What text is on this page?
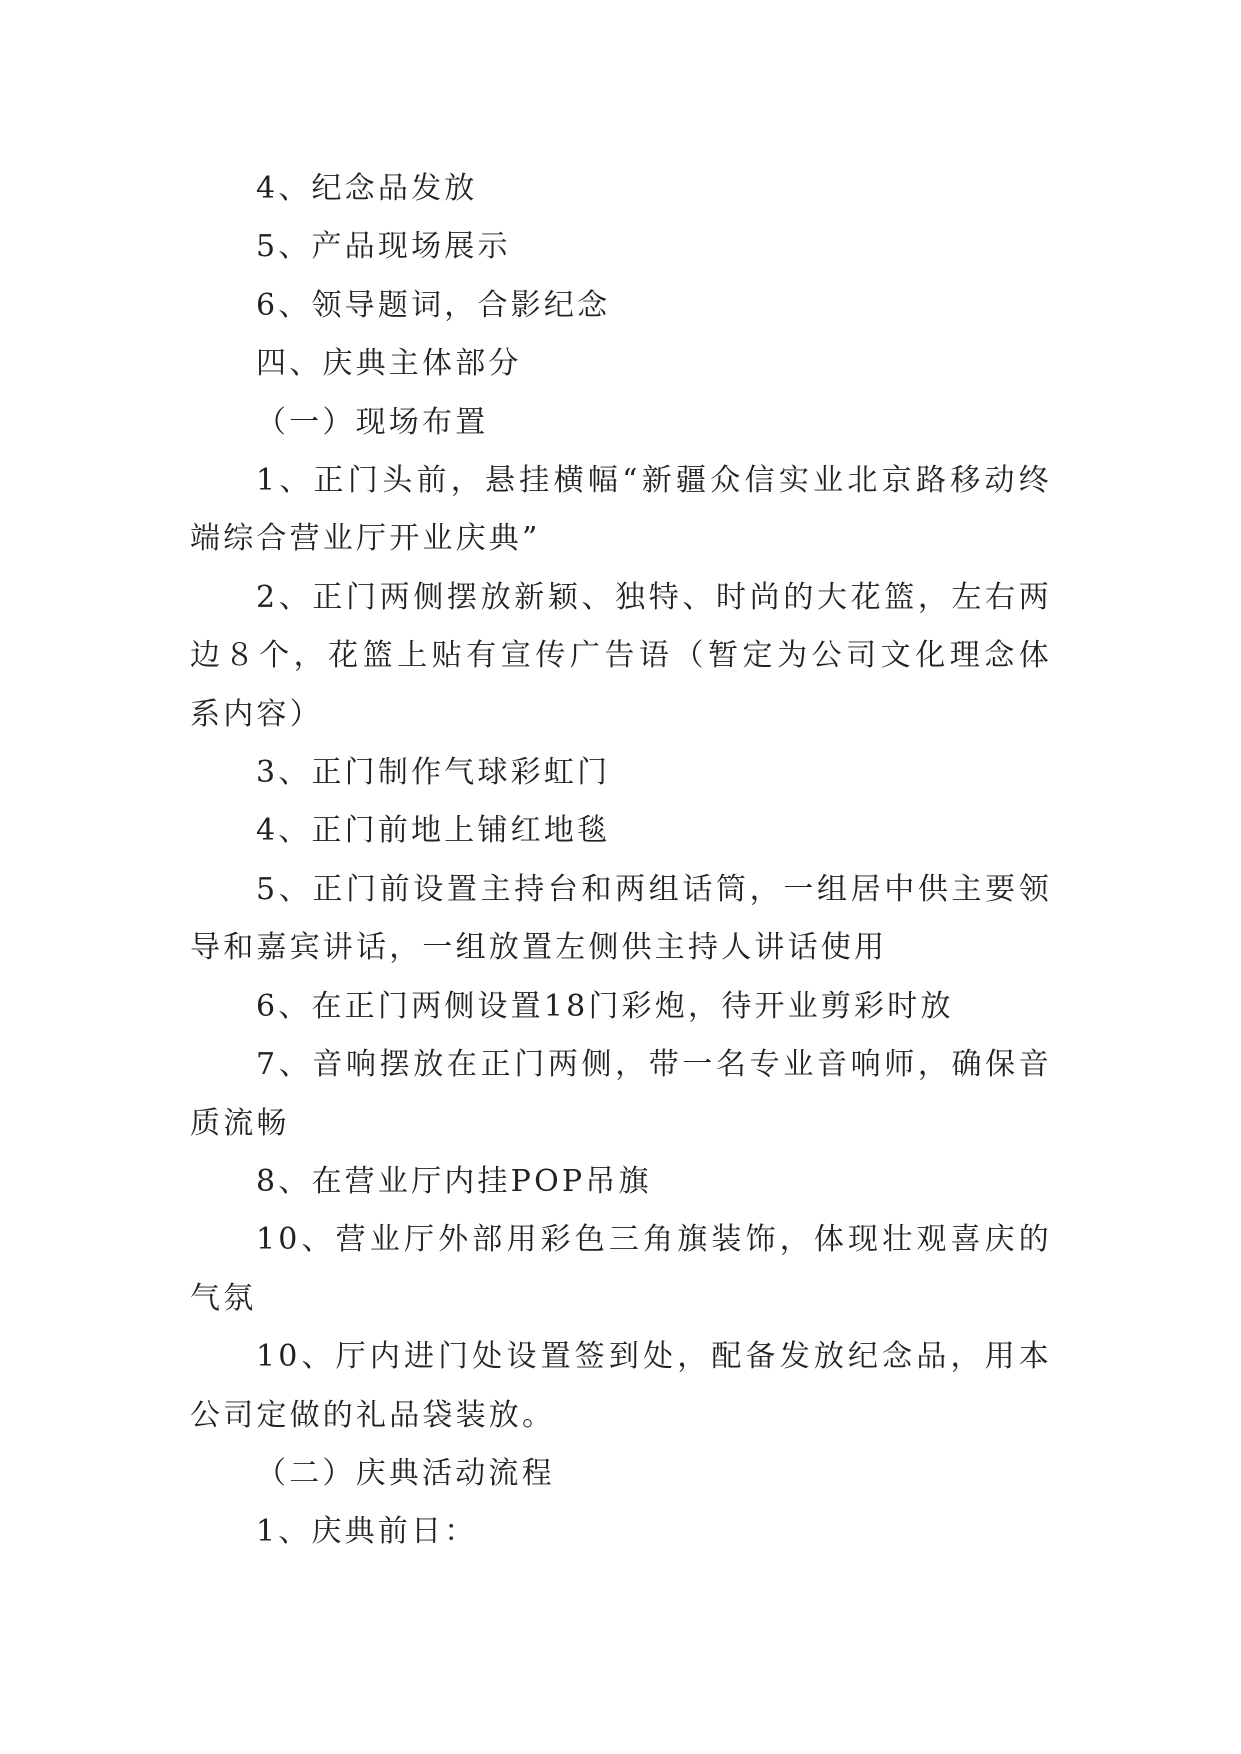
4、纪念品发放

5、产品现场展示

6、领导题词，合影纪念

四、庆典主体部分

（一）现场布置

1、正门头前，悬挂横幅“新疆众信实业北京路移动终端综合营业厅开业庆典”

2、正门两侧摆放新颖、独特、时尚的大花篮，左右两边８个，花篮上贴有宣传广告语（暂定为公司文化理念体系内容）

3、正门制作气球彩虹门

4、正门前地上铺红地毯

5、正门前设置主持台和两组话筒，一组居中供主要领导和嘉宾讲话，一组放置左侧供主持人讲话使用

6、在正门两侧设置18门彩炮，待开业剪彩时放

7、音响摆放在正门两侧，带一名专业音响师，确保音质流畅

8、在营业厅内挂POP吊旗

10、营业厅外部用彩色三角旗装饰，体现壮观喜庆的气氛

10、厅内进门处设置签到处，配备发放纪念品，用本公司定做的礼品袋装放。

（二）庆典活动流程

1、庆典前日：
